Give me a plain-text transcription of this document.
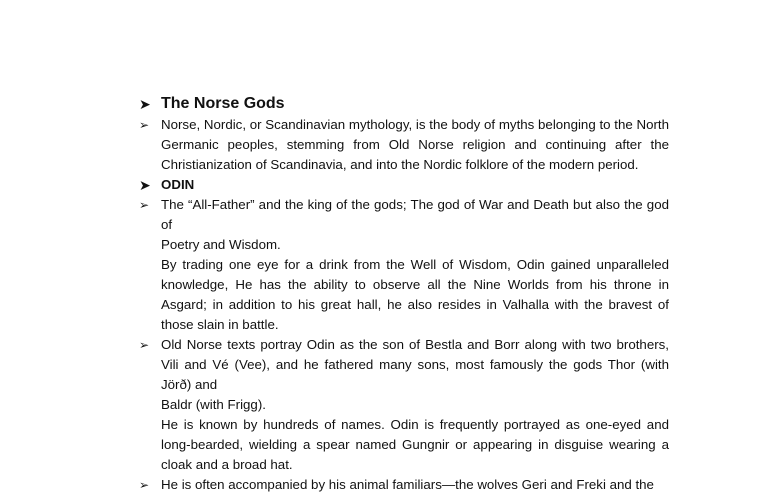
➤ The Norse Gods
➢ Norse, Nordic, or Scandinavian mythology, is the body of myths belonging to the North Germanic peoples, stemming from Old Norse religion and continuing after the Christianization of Scandinavia, and into the Nordic folklore of the modern period.
➤ ODIN
➢ The “All-Father” and the king of the gods; The god of War and Death but also the god of
Poetry and Wisdom.
By trading one eye for a drink from the Well of Wisdom, Odin gained unparalleled knowledge, He has the ability to observe all the Nine Worlds from his throne in Asgard; in addition to his great hall, he also resides in Valhalla with the bravest of those slain in battle.
➢ Old Norse texts portray Odin as the son of Bestla and Borr along with two brothers, Vili and Vé (Vee), and he fathered many sons, most famously the gods Thor (with Jörð) and
Baldr (with Frigg).
He is known by hundreds of names. Odin is frequently portrayed as one-eyed and long-bearded, wielding a spear named Gungnir or appearing in disguise wearing a cloak and a broad hat.
➢ He is often accompanied by his animal familiars—the wolves Geri and Freki and the
